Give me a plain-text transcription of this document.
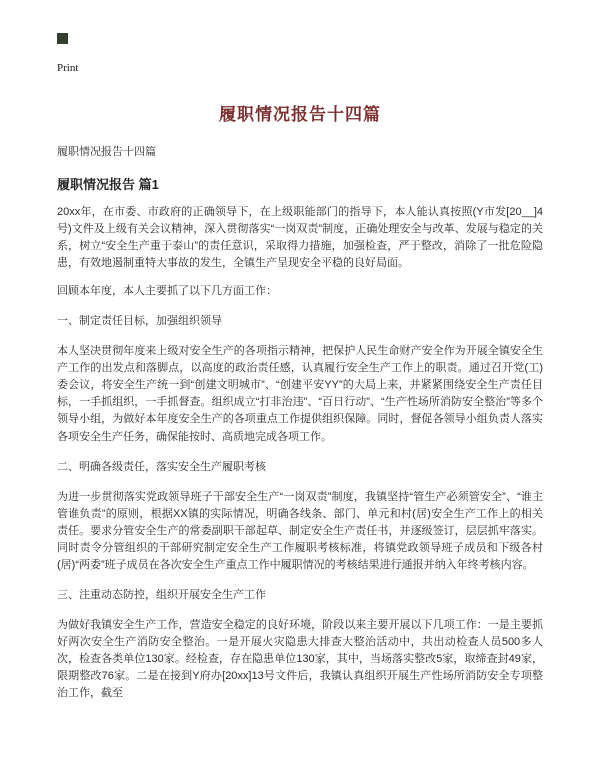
Print
履职情况报告十四篇
履职情况报告十四篇
履职情况报告 篇1

20xx年，在市委、市政府的正确领导下，在上级职能部门的指导下，本人能认真按照(Y市发[20__]4号)文件及上级有关会议精神，深入贯彻落实“一岗双责”制度，正确处理安全与改革、发展与稳定的关系，树立“安全生产重于泰山”的责任意识，采取得力措施，加强检查，严于整改，消除了一批危险隐患，有效地遏制重特大事故的发生，全镇生产呈现安全平稳的良好局面。

回顾本年度，本人主要抓了以下几方面工作：

一、制定责任目标，加强组织领导

本人坚决贯彻年度来上级对安全生产的各项指示精神，把保护人民生命财产安全作为开展全镇安全生产工作的出发点和落脚点，以高度的政治责任感，认真履行安全生产工作上的职责。通过召开党(工)委会议，将安全生产统一到“创建文明城市”、“创建平安YY”的大局上来，并紧紧围绕安全生产责任目标，一手抓组织，一手抓督查。组织成立“打非治违”、“百日行动”、“生产性场所消防安全整治”等多个领导小组，为做好本年度安全生产的各项重点工作提供组织保障。同时，督促各领导小组负责人落实各项安全生产任务，确保能按时、高质地完成各项工作。

二、明确各级责任，落实安全生产履职考核

为进一步贯彻落实党政领导班子干部安全生产“一岗双责”制度，我镇坚持“管生产必须管安全”、“谁主管谁负责”的原则，根据XX镇的实际情况，明确各线条、部门、单元和村(居)安全生产工作上的相关责任。要求分管安全生产的常委副职干部起草、制定安全生产责任书，并逐级签订，层层抓牢落实。同时责令分管组织的干部研究制定安全生产工作履职考核标准，将镇党政领导班子成员和下级各村(居)“两委”班子成员在各次安全生产重点工作中履职情况的考核结果进行通报并纳入年终考核内容。

三、注重动态防控，组织开展安全生产工作

为做好我镇安全生产工作，营造安全稳定的良好环境，阶段以来主要开展以下几项工作：一是主要抓好两次安全生产消防安全整治。一是开展火灾隐患大排查大整治活动中，共出动检查人员500多人次，检查各类单位130家。经检查，存在隐患单位130家，其中，当场落实整改5家，取缔查封49家，限期整改76家。二是在接到Y府办[20xx]13号文件后，我镇认真组织开展生产性场所消防安全专项整治工作，截至
